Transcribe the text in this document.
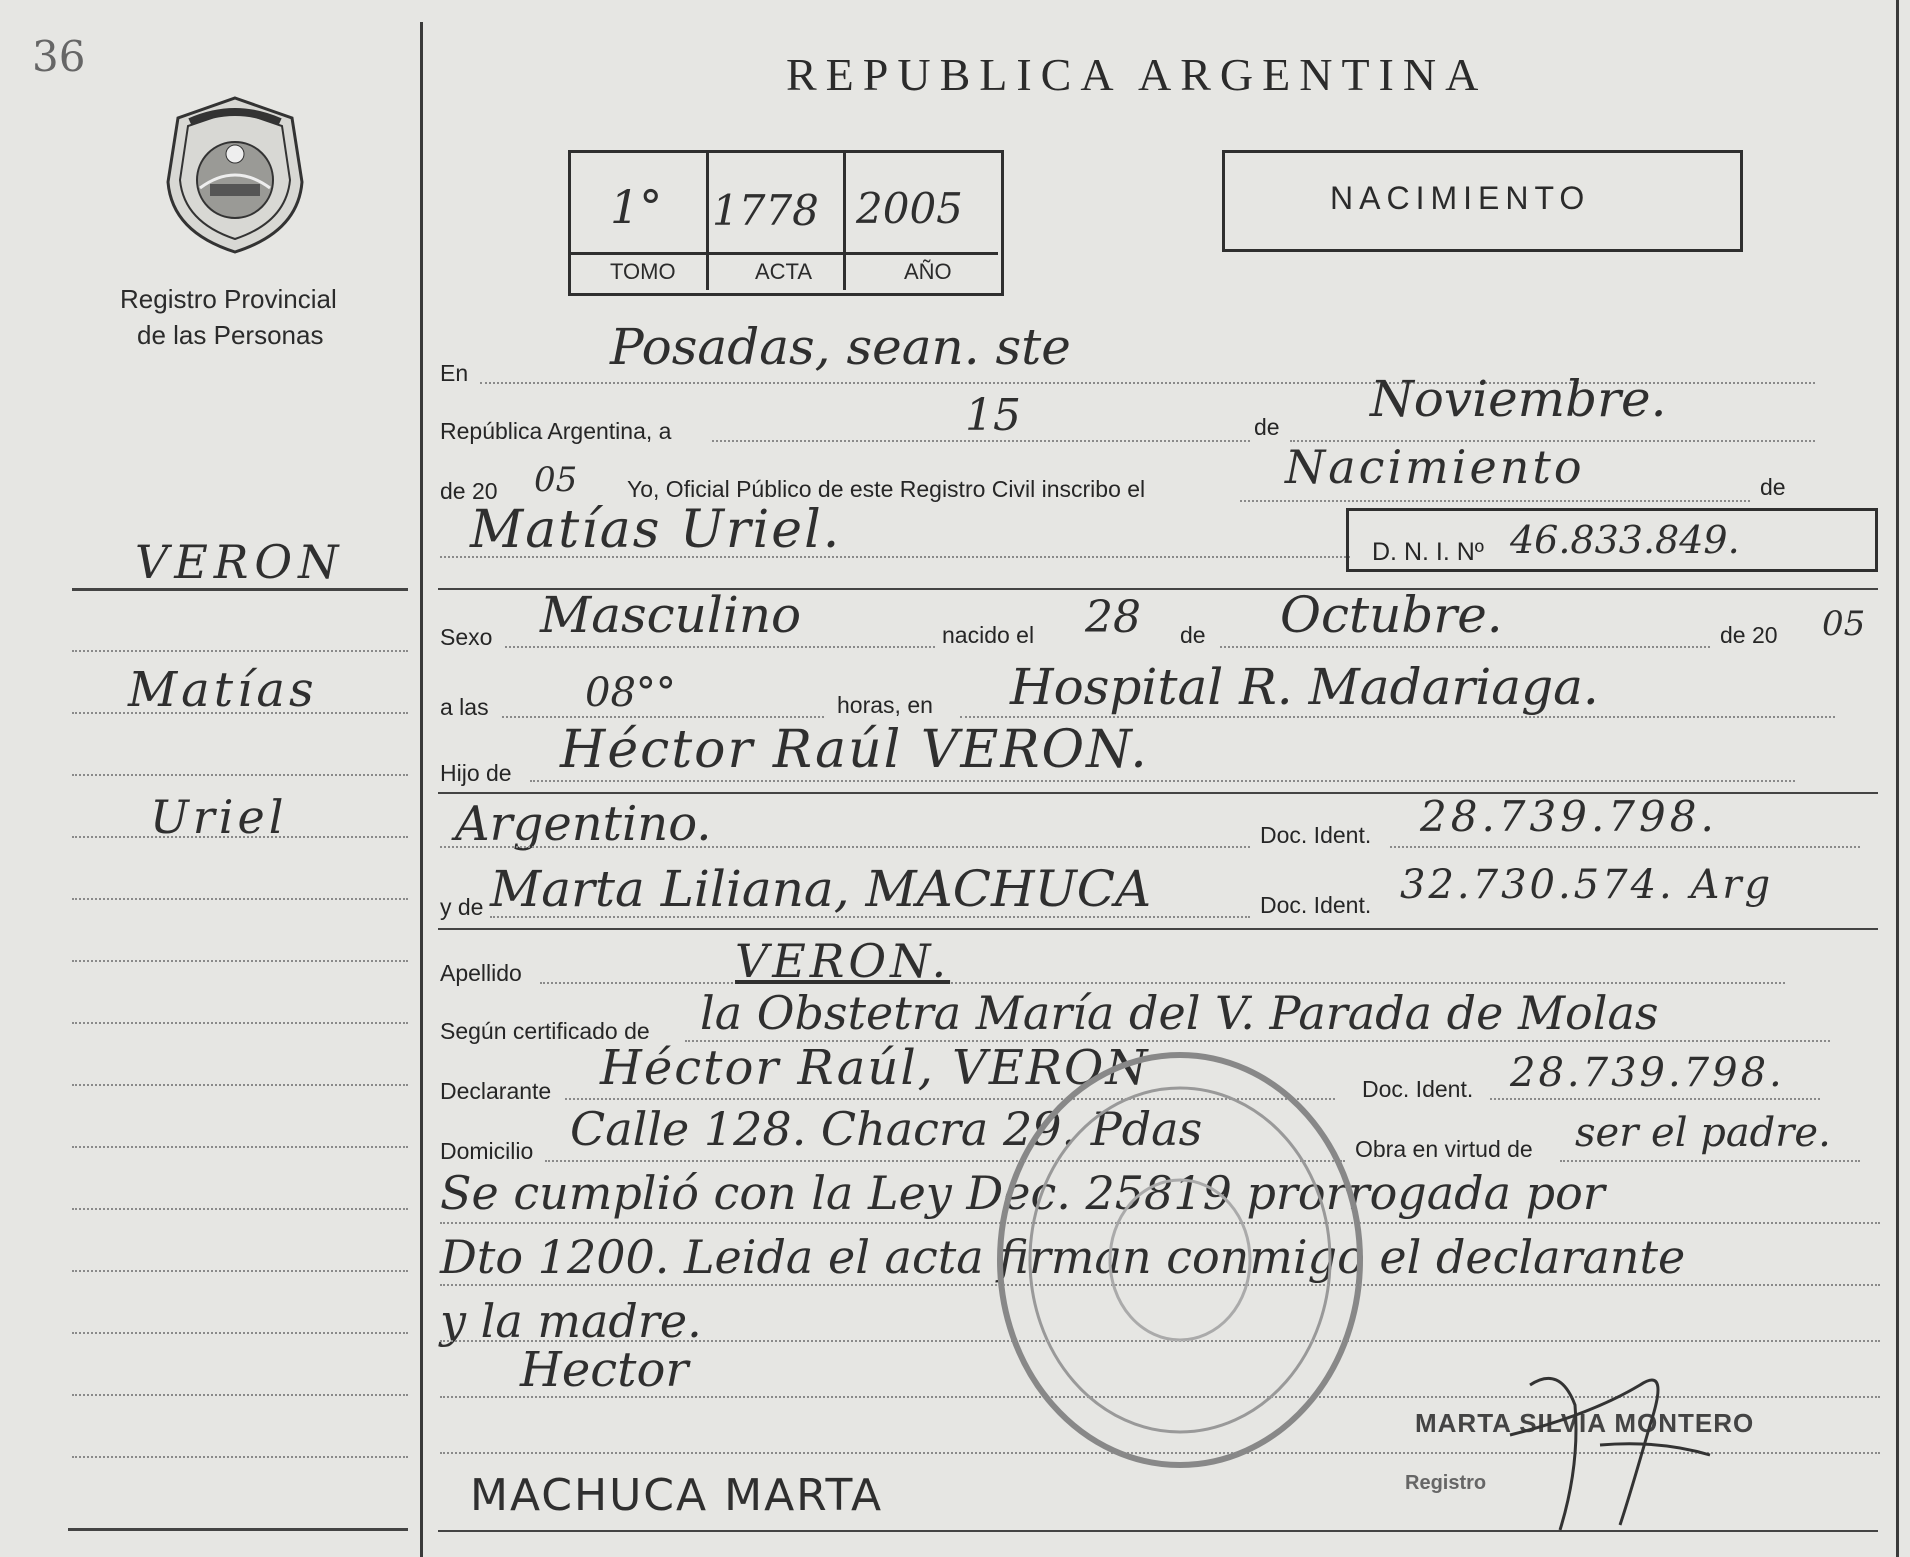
36
Registro Provincial
de las Personas
VERON
Matías
Uriel
REPUBLICA ARGENTINA
1° 1778 2005
TOMO	ACTA	AÑO
NACIMIENTO
En	Posadas, sean. ste
República Argentina, a	de
15	Noviembre.
de 20 05 Yo, Oficial Público de este Registro Civil inscribo el	de
Nacimiento
Matías Uriel.	D. N. I. Nº 46.833.849.
Sexo Masculino	nacido el 28 de Octubre.	de 20 05
a las 08°°	horas, en Hospital R. Madariaga.
Hijo de Héctor Raúl VERON.
Argentino.	Doc. Ident. 28.739.798.
y de Marta Liliana, MACHUCA	Doc. Ident. 32.730.574. Arg
Apellido	VERON.
Según certificado de la Obstetra María del V. Parada de Molas
Declarante Héctor Raúl, VERON	Doc. Ident. 28.739.798.
Domicilio Calle 128. Chacra 29. Pdas	Obra en virtud de ser el padre.
Se cumplió con la Ley Dec. 25819 prorrogada por
Dto 1200. Leida el acta firman conmigo el declarante
y la madre.
Hector
MACHUCA MARTA
MARTA SILVIA MONTERO
Registro
